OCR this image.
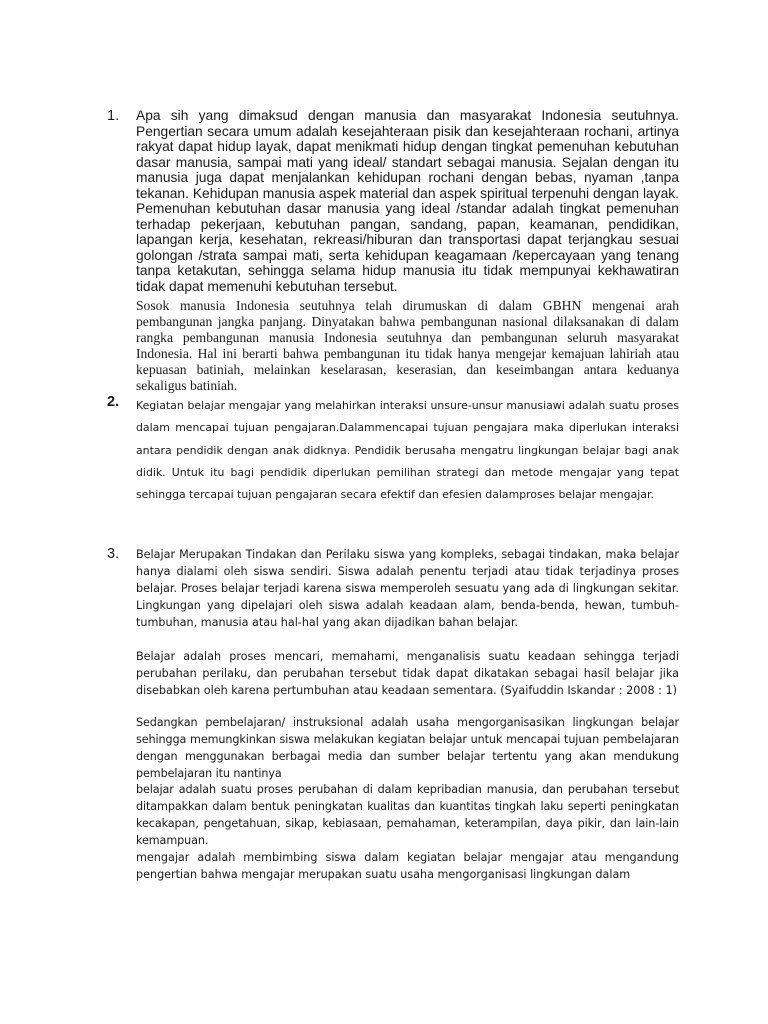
1. Apa sih yang dimaksud dengan manusia dan masyarakat Indonesia seutuhnya. Pengertian secara umum adalah kesejahteraan pisik dan kesejahteraan rochani, artinya rakyat dapat hidup layak, dapat menikmati hidup dengan tingkat pemenuhan kebutuhan dasar manusia, sampai mati yang ideal/ standart sebagai manusia. Sejalan dengan itu manusia juga dapat menjalankan kehidupan rochani dengan bebas, nyaman ,tanpa tekanan. Kehidupan manusia aspek material dan aspek spiritual terpenuhi dengan layak. Pemenuhan kebutuhan dasar manusia yang ideal /standar adalah tingkat pemenuhan terhadap pekerjaan, kebutuhan pangan, sandang, papan, keamanan, pendidikan, lapangan kerja, kesehatan, rekreasi/hiburan dan transportasi dapat terjangkau sesuai golongan /strata sampai mati, serta kehidupan keagamaan /kepercayaan yang tenang tanpa ketakutan, sehingga selama hidup manusia itu tidak mempunyai kekhawatiran tidak dapat memenuhi kebutuhan tersebut.
Sosok manusia Indonesia seutuhnya telah dirumuskan di dalam GBHN mengenai arah pembangunan jangka panjang. Dinyatakan bahwa pembangunan nasional dilaksanakan di dalam rangka pembangunan manusia Indonesia seutuhnya dan pembangunan seluruh masyarakat Indonesia. Hal ini berarti bahwa pembangunan itu tidak hanya mengejar kemajuan lahiriah atau kepuasan batiniah, melainkan keselarasan, keserasian, dan keseimbangan antara keduanya sekaligus batiniah.
2. Kegiatan belajar mengajar yang melahirkan interaksi unsure-unsur manusiawi adalah suatu proses dalam mencapai tujuan pengajaran.Dalammencapai tujuan pengajara maka diperlukan interaksi antara pendidik dengan anak didknya. Pendidik berusaha mengatru lingkungan belajar bagi anak didik. Untuk itu bagi pendidik diperlukan pemilihan strategi dan metode mengajar yang tepat sehingga tercapai tujuan pengajaran secara efektif dan efesien dalamproses belajar mengajar.
3. Belajar Merupakan Tindakan dan Perilaku siswa yang kompleks, sebagai tindakan, maka belajar hanya dialami oleh siswa sendiri. Siswa adalah penentu terjadi atau tidak terjadinya proses belajar. Proses belajar terjadi karena siswa memperoleh sesuatu yang ada di lingkungan sekitar. Lingkungan yang dipelajari oleh siswa adalah keadaan alam, benda-benda, hewan, tumbuh-tumbuhan, manusia atau hal-hal yang akan dijadikan bahan belajar.
Belajar adalah proses mencari, memahami, menganalisis suatu keadaan sehingga terjadi perubahan perilaku, dan perubahan tersebut tidak dapat dikatakan sebagai hasil belajar jika disebabkan oleh karena pertumbuhan atau keadaan sementara. (Syaifuddin Iskandar : 2008 : 1)
Sedangkan pembelajaran/ instruksional adalah usaha mengorganisasikan lingkungan belajar sehingga memungkinkan siswa melakukan kegiatan belajar untuk mencapai tujuan pembelajaran dengan menggunakan berbagai media dan sumber belajar tertentu yang akan mendukung pembelajaran itu nantinya
belajar adalah suatu proses perubahan di dalam kepribadian manusia, dan perubahan tersebut ditampakkan dalam bentuk peningkatan kualitas dan kuantitas tingkah laku seperti peningkatan kecakapan, pengetahuan, sikap, kebiasaan, pemahaman, keterampilan, daya pikir, dan lain-lain kemampuan.
mengajar adalah membimbing siswa dalam kegiatan belajar mengajar atau mengandung pengertian bahwa mengajar merupakan suatu usaha mengorganisasi lingkungan dalam
